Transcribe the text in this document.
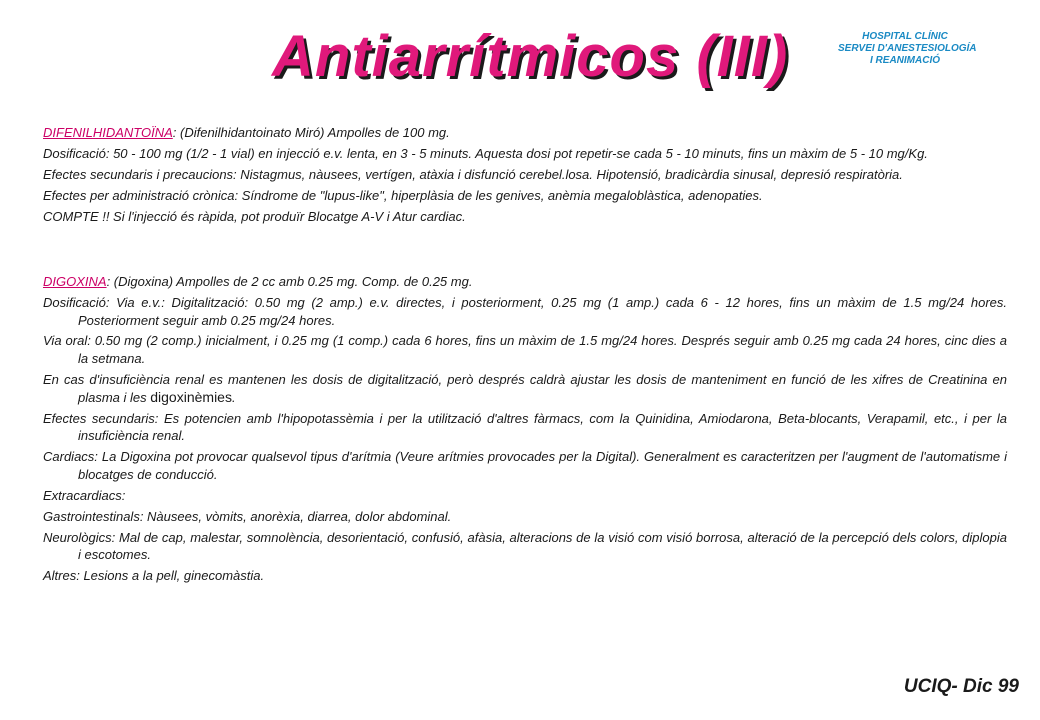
Antiarrítmicos (III)	HOSPITAL CLÍNIC
SERVEI D'ANESTESIOLOGÍA
I REANIMACIÓ

DIFENILHIDANTOÏNA: (Difenilhidantoinato Miró) Ampolles de 100 mg.

Dosificació: 50 - 100 mg (1/2 - 1 vial) en injecció e.v. lenta, en 3 - 5 minuts. Aquesta dosi pot repetir-se cada 5 - 10 minuts, fins un màxim de 5 - 10 mg/Kg.

Efectes secundaris i precaucions: Nistagmus, nàusees, vertígen, atàxia i disfunció cerebel.losa. Hipotensió, bradicàrdia sinusal, depresió respiratòria.

Efectes per administració crònica: Síndrome de "lupus-like", hiperplàsia de les genives, anèmia megaloblàstica, adenopaties.

COMPTE !! Si l'injecció és ràpida, pot produïr Blocatge A-V i Atur cardiac.

DIGOXINA: (Digoxina) Ampolles de 2 cc amb 0.25 mg. Comp. de 0.25 mg.

Dosificació: Via e.v.: Digitalització: 0.50 mg (2 amp.) e.v. directes, i posteriorment, 0.25 mg (1 amp.) cada 6 - 12 hores, fins un màxim de 1.5 mg/24 hores. Posteriorment seguir amb 0.25 mg/24 hores.

Via oral: 0.50 mg (2 comp.) inicialment, i 0.25 mg (1 comp.) cada 6 hores, fins un màxim de 1.5 mg/24 hores. Després seguir amb 0.25 mg cada 24 hores, cinc dies a la setmana.

En cas d'insuficiència renal es mantenen les dosis de digitalització, però després caldrà ajustar les dosis de manteniment en funció de les xifres de Creatinina en plasma i les digoxinèmies.

Efectes secundaris: Es potencien amb l'hipopotassèmia i per la utilització d'altres fàrmacs, com la Quinidina, Amiodarona, Beta-blocants, Verapamil, etc., i per la insuficiència renal.

Cardiacs: La Digoxina pot provocar qualsevol tipus d'arítmia (Veure arítmies provocades per la Digital). Generalment es caracteritzen per l'augment de l'automatisme i blocatges de conducció.

Extracardiacs:

Gastrointestinals: Nàusees, vòmits, anorèxia, diarrea, dolor abdominal.

Neurològics: Mal de cap, malestar, somnolència, desorientació, confusió, afàsia, alteracions de la visió com visió borrosa, alteració de la percepció dels colors, diplopia i escotomes.

Altres: Lesions a la pell, ginecomàstia.

UCIQ- Dic 99
